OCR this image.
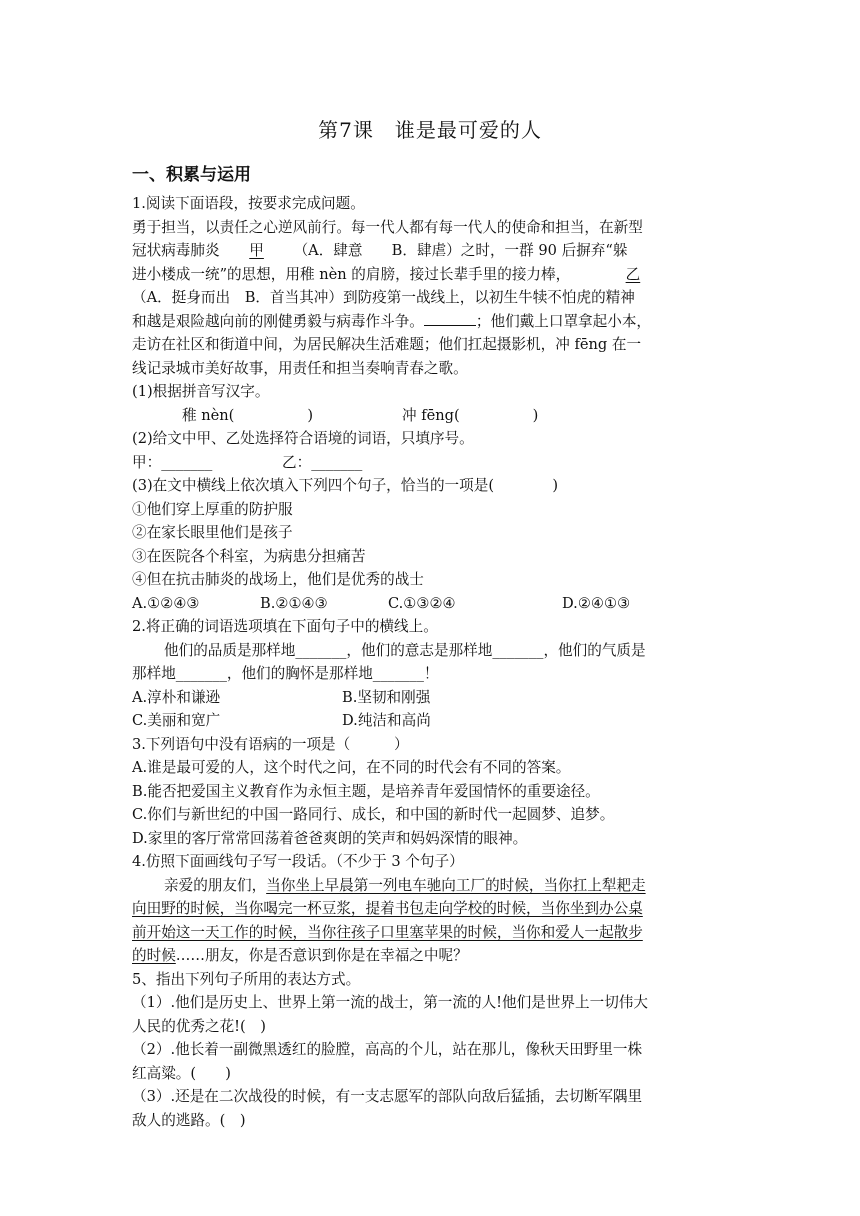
第7课　谁是最可爱的人
一、积累与运用

1.阅读下面语段，按要求完成问题。

勇于担当，以责任之心逆风前行。每一代人都有每一代人的使命和担当，在新型

冠状病毒肺炎 甲 （A．肆意　　B．肆虐）之时，一群 90 后摒弃“躲

进小楼成一统”的思想，用稚 nèn 的肩膀，接过长辈手里的接力棒，	乙

（A．挺身而出　B．首当其冲）到防疫第一战线上，以初生牛犊不怕虎的精神

和越是艰险越向前的刚健勇毅与病毒作斗争。	；他们戴上口罩拿起小本，

走访在社区和街道中间，为居民解决生活难题；他们扛起摄影机，冲 fēng 在一

线记录城市美好故事，用责任和担当奏响青春之歌。

(1)根据拼音写汉字。

稚 nèn(　　　　　)	冲 fēng(　　　　　)

(2)给文中甲、乙处选择符合语境的词语，只填序号。

甲：_______	乙：_______

(3)在文中横线上依次填入下列四个句子，恰当的一项是(　　　　)

①他们穿上厚重的防护服

②在家长眼里他们是孩子

③在医院各个科室，为病患分担痛苦

④但在抗击肺炎的战场上，他们是优秀的战士

A.①②④③	B.②①④③	C.①③②④	D.②④①③

2.将正确的词语选项填在下面句子中的横线上。

他们的品质是那样地_______，他们的意志是那样地_______，他们的气质是

那样地_______，他们的胸怀是那样地_______！

A.淳朴和谦逊	B.坚韧和刚强

C.美丽和宽广	D.纯洁和高尚

3.下列语句中没有语病的一项是（　　　）

A.谁是最可爱的人，这个时代之问，在不同的时代会有不同的答案。

B.能否把爱国主义教育作为永恒主题，是培养青年爱国情怀的重要途径。

C.你们与新世纪的中国一路同行、成长，和中国的新时代一起圆梦、追梦。

D.家里的客厅常常回荡着爸爸爽朗的笑声和妈妈深情的眼神。

4.仿照下面画线句子写一段话。（不少于 3 个句子）

亲爱的朋友们，当你坐上早晨第一列电车驰向工厂的时候，当你扛上犁耙走

向田野的时候，当你喝完一杯豆浆，提着书包走向学校的时候，当你坐到办公桌

前开始这一天工作的时候，当你往孩子口里塞苹果的时候，当你和爱人一起散步

的时候……朋友，你是否意识到你是在幸福之中呢？

5、指出下列句子所用的表达方式。

（1）.他们是历史上、世界上第一流的战士，第一流的人!他们是世界上一切伟大

人民的优秀之花!(　)

（2）.他长着一副微黑透红的脸膛，高高的个儿，站在那儿，像秋天田野里一株

红高粱。(　　)

（3）.还是在二次战役的时候，有一支志愿军的部队向敌后猛插，去切断军隅里

敌人的逃路。(　)
